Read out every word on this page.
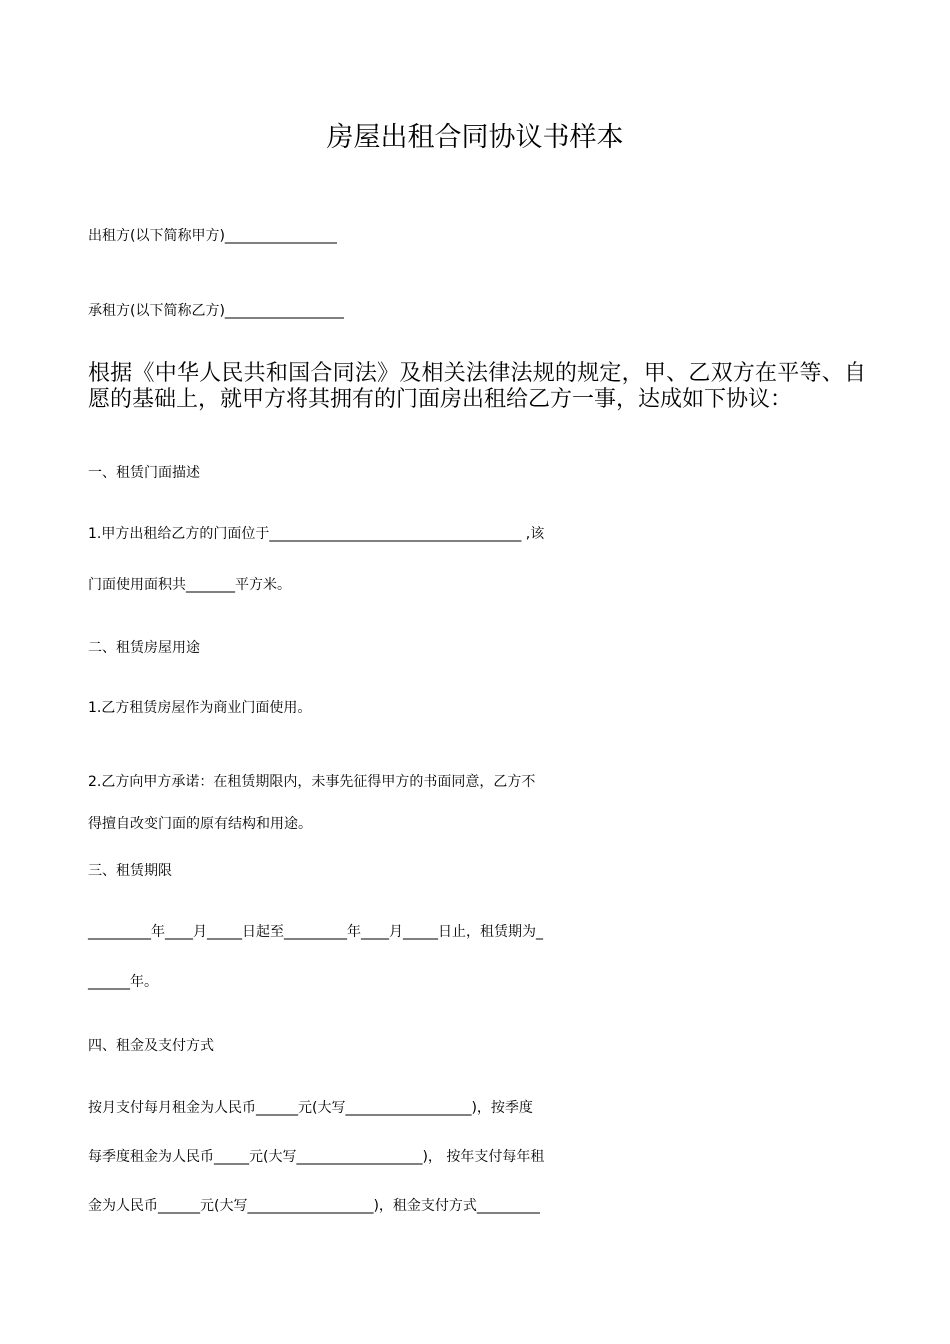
房屋出租合同协议书样本
出租方(以下简称甲方)________________
承租方(以下简称乙方)_________________
根据《中华人民共和国合同法》及相关法律法规的规定，甲、乙双方在平等、自愿的基础上，就甲方将其拥有的门面房出租给乙方一事，达成如下协议：
一、租赁门面描述
1.甲方出租给乙方的门面位于____________________________________ ,该
门面使用面积共_______平方米。
二、租赁房屋用途
1.乙方租赁房屋作为商业门面使用。
2.乙方向甲方承诺：在租赁期限内，未事先征得甲方的书面同意，乙方不
得擅自改变门面的原有结构和用途。
三、租赁期限
_________年____月_____日起至_________年____月_____日止，租赁期为_
______年。
四、租金及支付方式
按月支付每月租金为人民币______元(大写__________________)，按季度
每季度租金为人民币_____元(大写__________________)， 按年支付每年租
金为人民币______元(大写__________________)，租金支付方式_________
